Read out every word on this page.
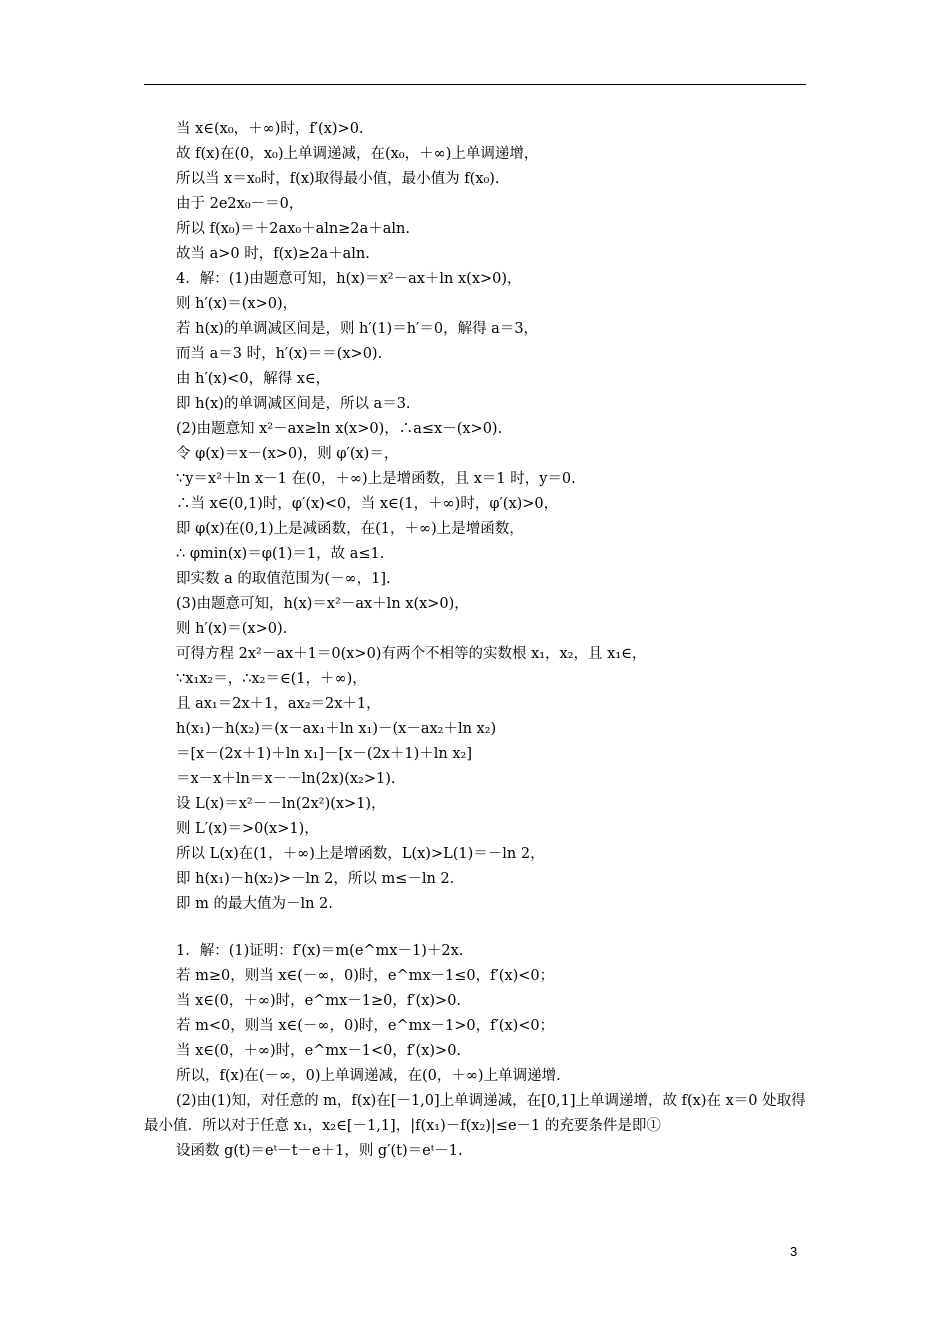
当 x∈(x₀，＋∞)时，f′(x)>0.
故 f(x)在(0，x₀)上单调递减，在(x₀，＋∞)上单调递增，
所以当 x＝x₀时，f(x)取得最小值，最小值为 f(x₀).
由于 2e2x₀－＝0，
所以 f(x₀)＝＋2ax₀＋aln≥2a＋aln.
故当 a>0 时，f(x)≥2a＋aln.
4．解：(1)由题意可知，h(x)＝x²－ax＋ln x(x>0)，
则 h′(x)＝(x>0)，
若 h(x)的单调减区间是，则 h′(1)＝h′＝0，解得 a＝3，
而当 a＝3 时，h′(x)＝＝(x>0).
由 h′(x)<0，解得 x∈，
即 h(x)的单调减区间是，所以 a＝3.
(2)由题意知 x²－ax≥ln x(x>0)，∴a≤x－(x>0).
令 φ(x)＝x－(x>0)，则 φ′(x)＝，
∵y＝x²＋ln x－1 在(0，＋∞)上是增函数，且 x＝1 时，y＝0.
∴当 x∈(0,1)时，φ′(x)<0，当 x∈(1，＋∞)时，φ′(x)>0，
即 φ(x)在(0,1)上是减函数，在(1，＋∞)上是增函数，
∴ φmin(x)＝φ(1)＝1，故 a≤1.
即实数 a 的取值范围为(－∞，1].
(3)由题意可知，h(x)＝x²－ax＋ln x(x>0)，
则 h′(x)＝(x>0).
可得方程 2x²－ax＋1＝0(x>0)有两个不相等的实数根 x₁，x₂，且 x₁∈，
∵x₁x₂＝，∴x₂＝∈(1，＋∞)，
且 ax₁＝2x＋1，ax₂＝2x＋1，
h(x₁)－h(x₂)＝(x－ax₁＋ln x₁)－(x－ax₂＋ln x₂)
＝[x－(2x＋1)＋ln x₁]－[x－(2x＋1)＋ln x₂]
＝x－x＋ln＝x－－ln(2x)(x₂>1).
设 L(x)＝x²－－ln(2x²)(x>1)，
则 L′(x)＝>0(x>1)，
所以 L(x)在(1，＋∞)上是增函数，L(x)>L(1)＝－ln 2，
即 h(x₁)－h(x₂)>－ln 2，所以 m≤－ln 2.
即 m 的最大值为－ln 2.
1．解：(1)证明：f′(x)＝m(e^mx－1)＋2x.
若 m≥0，则当 x∈(－∞，0)时，e^mx－1≤0，f′(x)<0；
当 x∈(0，＋∞)时，e^mx－1≥0，f′(x)>0.
若 m<0，则当 x∈(－∞，0)时，e^mx－1>0，f′(x)<0；
当 x∈(0，＋∞)时，e^mx－1<0，f′(x)>0.
所以，f(x)在(－∞，0)上单调递减，在(0，＋∞)上单调递增.
(2)由(1)知，对任意的 m，f(x)在[－1,0]上单调递减，在[0,1]上单调递增，故 f(x)在 x＝0 处取得最小值．所以对于任意 x₁，x₂∈[－1,1]，|f(x₁)－f(x₂)|≤e－1 的充要条件是即①
设函数 g(t)＝eᵗ－t－e＋1，则 g′(t)＝eᵗ－1.
3
